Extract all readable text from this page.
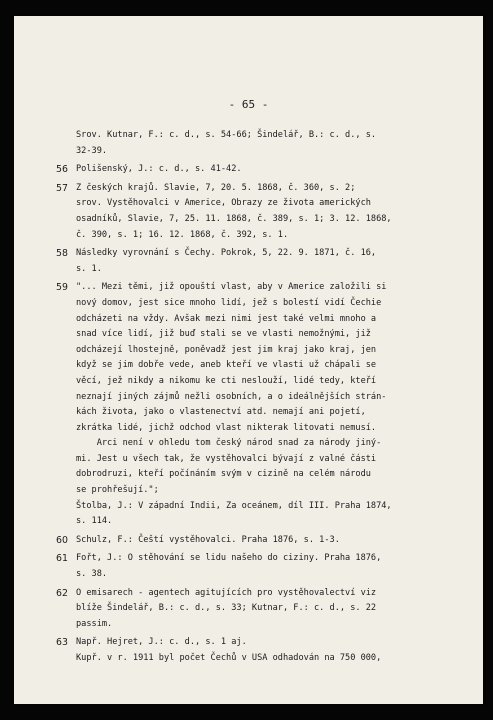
- 65 -
Srov. Kutnar, F.: c. d., s. 54-66; Šindelář, B.: c. d., s.
32-39.
56 Polišenský, J.: c. d., s. 41-42.
57 Z českých krajů. Slavie, 7, 20. 5. 1868, č. 360, s. 2;
srov. Vystěhovalci v Americe, Obrazy ze života amerických
osadníků, Slavie, 7, 25. 11. 1868, č. 389, s. 1; 3. 12. 1868,
č. 390, s. 1; 16. 12. 1868, č. 392, s. 1.
58 Následky vyrovnání s Čechy. Pokrok, 5, 22. 9. 1871, č. 16,
s. 1.
59 "... Mezi těmi, již opouští vlast, aby v Americe založili si
nový domov, jest sice mnoho lidí, jež s bolestí vidí Čechie
odcházeti na vždy. Avšak mezi nimi jest také velmi mnoho a
snad více lidí, již buď stali se ve vlasti nemožnými, již
odcházejí lhostejně, poněvadž jest jim kraj jako kraj, jen
když se jim dobře vede, aneb kteří ve vlasti už chápali se
věcí, jež nikdy a nikomu ke cti neslouží, lidé tedy, kteří
neznají jiných zájmů nežli osobních, a o ideálnějších strán-
kách života, jako o vlastenectví atd. nemají ani pojetí,
zkrátka lidé, jichž odchod vlast nikterak litovati nemusí.
Arci není v ohledu tom český národ snad za národy jiný-
mi. Jest u všech tak, že vystěhovalci bývají z valné části
dobrodruzi, kteří počínáním svým v cizině na celém národu
se prohřešují.";
Štolba, J.: V západní Indii, Za oceánem, díl III. Praha 1874,
s. 114.
60 Schulz, F.: Čeští vystěhovalci. Praha 1876, s. 1-3.
61 Fořt, J.: O stěhování se lidu našeho do ciziny. Praha 1876,
s. 38.
62 O emisarech - agentech agitujících pro vystěhovalectví viz
blíže Šindelář, B.: c. d., s. 33; Kutnar, F.: c. d., s. 22
passim.
63 Např. Hejret, J.: c. d., s. 1 aj.
Kupř. v r. 1911 byl počet Čechů v USA odhadován na 750 000,
